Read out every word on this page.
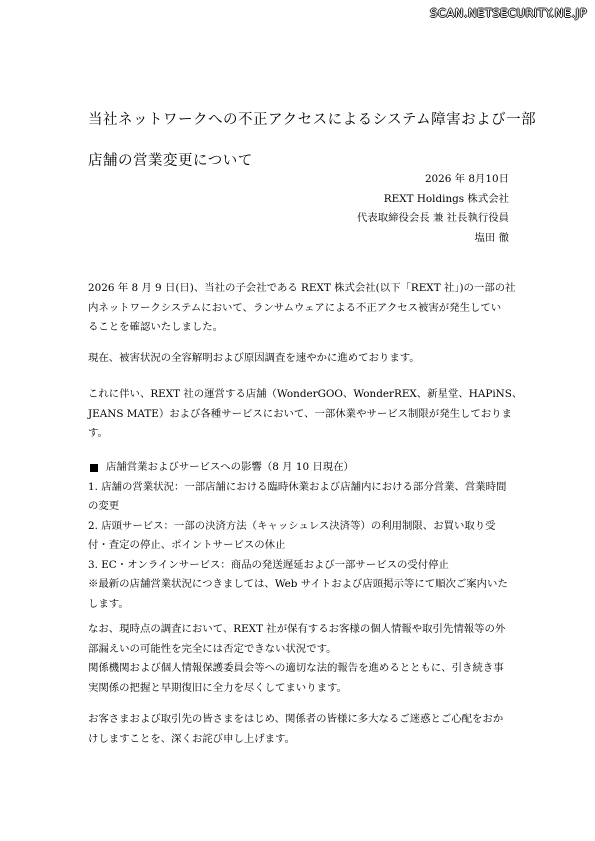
SCAN.NETSECURITY.NE.JP
当社ネットワークへの不正アクセスによるシステム障害および一部
店舗の営業変更について
2026 年 8月10日
REXT Holdings 株式会社
代表取締役会長 兼 社長執行役員
塩田 徹
2026 年 8 月 9 日(日)、当社の子会社である REXT 株式会社(以下「REXT 社」)の一部の社
内ネットワークシステムにおいて、ランサムウェアによる不正アクセス被害が発生してい
ることを確認いたしました。
現在、被害状況の全容解明および原因調査を速やかに進めております。
これに伴い、REXT 社の運営する店舗（WonderGOO、WonderREX、新星堂、HAPiNS、
JEANS MATE）および各種サービスにおいて、一部休業やサービス制限が発生しておりま
す。
店舗営業およびサービスへの影響（8 月 10 日現在）
1. 店舗の営業状況：一部店舗における臨時休業および店舗内における部分営業、営業時間
の変更
2. 店頭サービス：一部の決済方法（キャッシュレス決済等）の利用制限、お買い取り受
付・査定の停止、ポイントサービスの休止
3. EC・オンラインサービス：商品の発送遅延および一部サービスの受付停止
※最新の店舗営業状況につきましては、Web サイトおよび店頭掲示等にて順次ご案内いた
します。
なお、現時点の調査において、REXT 社が保有するお客様の個人情報や取引先情報等の外
部漏えいの可能性を完全には否定できない状況です。
関係機関および個人情報保護委員会等への適切な法的報告を進めるとともに、引き続き事
実関係の把握と早期復旧に全力を尽くしてまいります。
お客さまおよび取引先の皆さまをはじめ、関係者の皆様に多大なるご迷惑とご心配をおか
けしますことを、深くお詫び申し上げます。
